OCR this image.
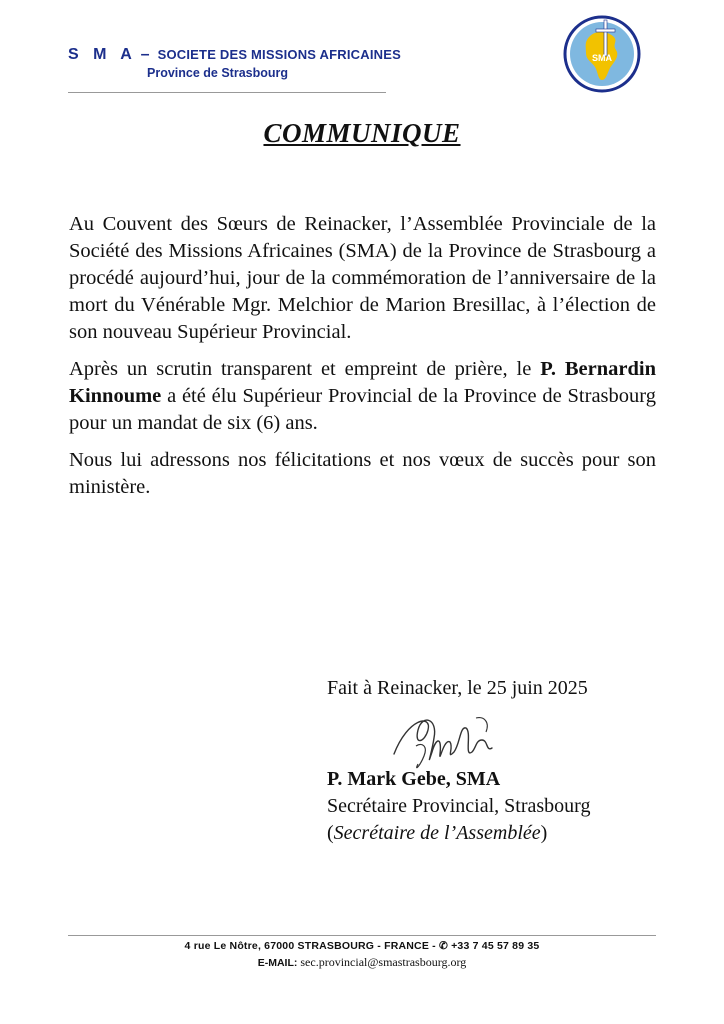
S M A – SOCIETE DES MISSIONS AFRICAINES
Province de Strasbourg
SMA
COMMUNIQUE

Au Couvent des Sœurs de Reinacker, l’Assemblée Provinciale de la Société des Missions Africaines (SMA) de la Province de Strasbourg a procédé aujourd’hui, jour de la commémoration de l’anniversaire de la mort du Vénérable Mgr. Melchior de Marion Bresillac, à l’élection de son nouveau Supérieur Provincial.

Après un scrutin transparent et empreint de prière, le P. Bernardin Kinnoume a été élu Supérieur Provincial de la Province de Strasbourg pour un mandat de six (6) ans.

Nous lui adressons nos félicitations et nos vœux de succès pour son ministère.

Fait à Reinacker, le 25 juin 2025
P. Mark Gebe, SMA
Secrétaire Provincial, Strasbourg
(Secrétaire de l’Assemblée)
4 rue Le Nôtre, 67000 STRASBOURG - FRANCE - ✆ +33 7 45 57 89 35
E-MAIL: sec.provincial@smastrasbourg.org
